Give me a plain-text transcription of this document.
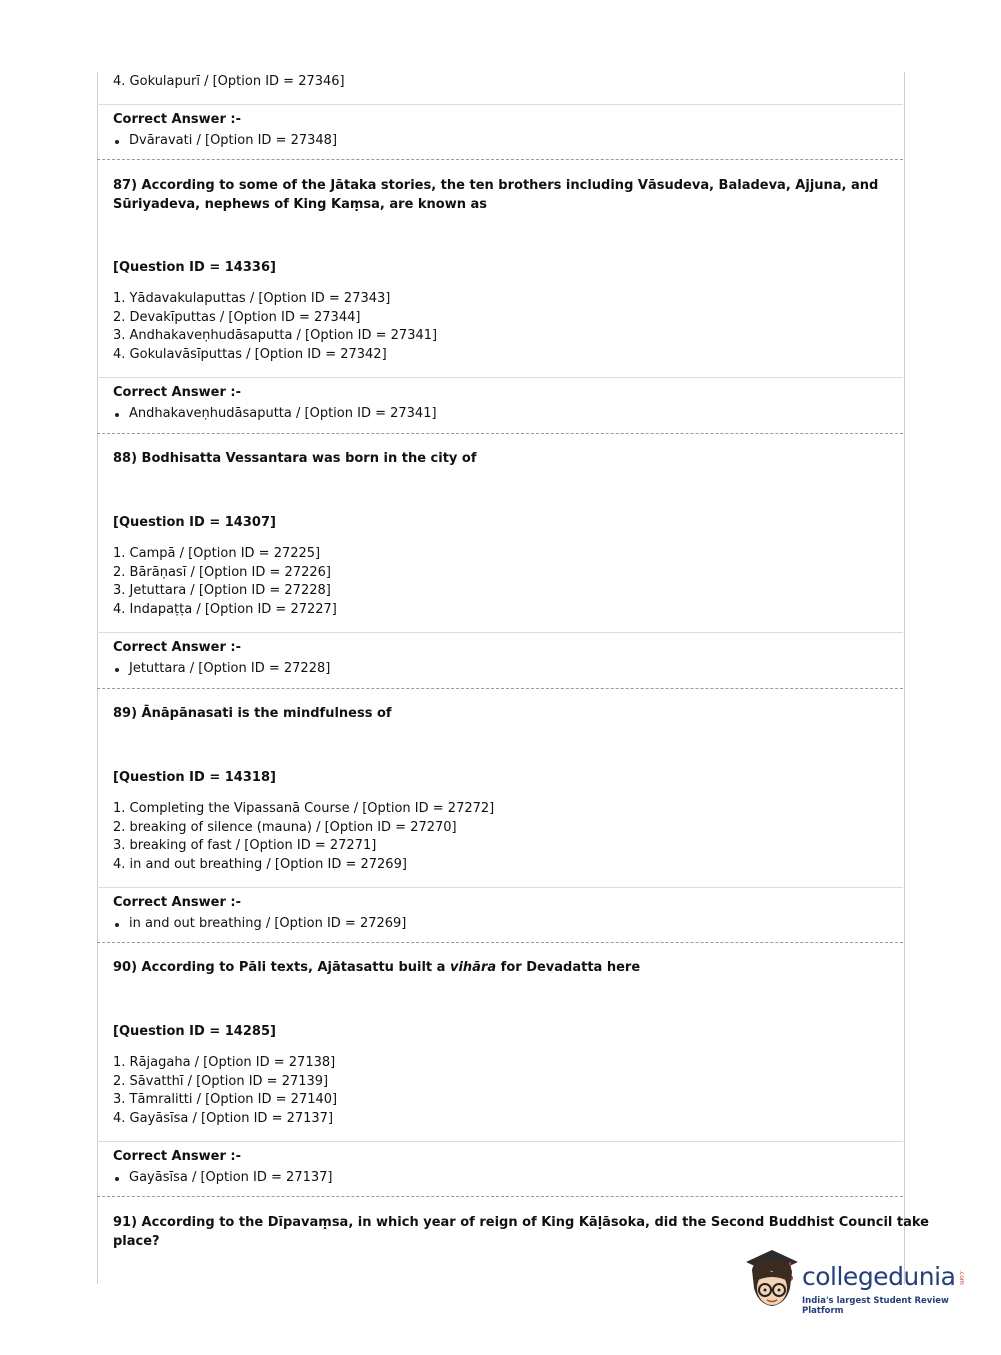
4. Gokulapurī / [Option ID = 27346]
Correct Answer :-
Dvāravati / [Option ID = 27348]
87) According to some of the Jātaka stories, the ten brothers including Vāsudeva, Baladeva, Ajjuna, and
Sūriyadeva, nephews of King Kaṃsa, are known as
[Question ID = 14336]
1. Yādavakulaputtas / [Option ID = 27343]
2. Devakīputtas / [Option ID = 27344]
3. Andhakaveṇhudāsaputta / [Option ID = 27341]
4. Gokulavāsīputtas / [Option ID = 27342]
Correct Answer :-
Andhakaveṇhudāsaputta / [Option ID = 27341]
88) Bodhisatta Vessantara was born in the city of
[Question ID = 14307]
1. Campā / [Option ID = 27225]
2. Bārāṇasī / [Option ID = 27226]
3. Jetuttara / [Option ID = 27228]
4. Indapaṭṭa / [Option ID = 27227]
Correct Answer :-
Jetuttara / [Option ID = 27228]
89) Ānāpānasati is the mindfulness of
[Question ID = 14318]
1. Completing the Vipassanā Course / [Option ID = 27272]
2. breaking of silence (mauna) / [Option ID = 27270]
3. breaking of fast / [Option ID = 27271]
4. in and out breathing / [Option ID = 27269]
Correct Answer :-
in and out breathing / [Option ID = 27269]
90) According to Pāli texts, Ajātasattu built a vihāra for Devadatta here
[Question ID = 14285]
1. Rājagaha / [Option ID = 27138]
2. Sāvatthī / [Option ID = 27139]
3. Tāmralitti / [Option ID = 27140]
4. Gayāsīsa / [Option ID = 27137]
Correct Answer :-
Gayāsīsa / [Option ID = 27137]
91) According to the Dīpavaṃsa, in which year of reign of King Kāḷāsoka, did the Second Buddhist Council take
place?
collegedunia .com
India's largest Student Review Platform
